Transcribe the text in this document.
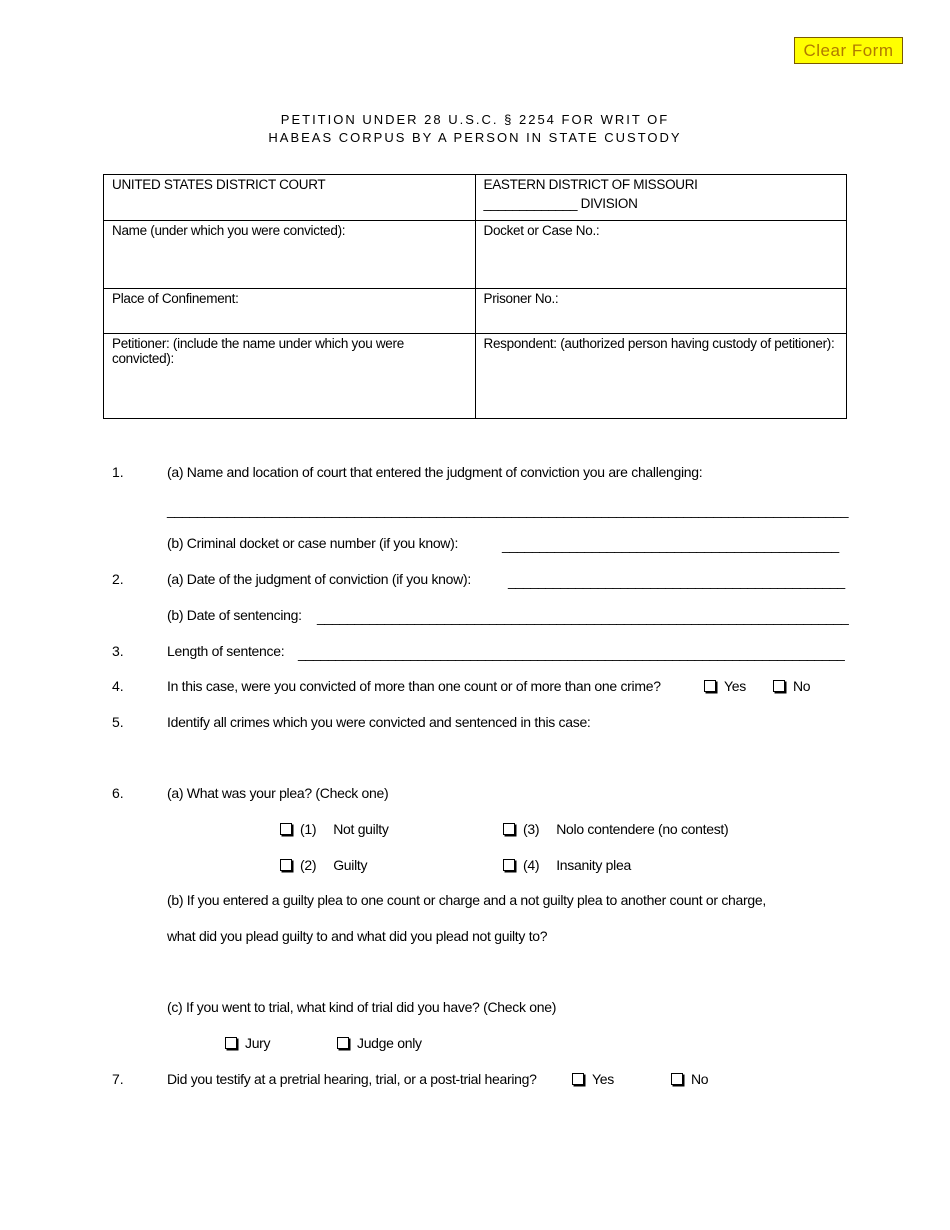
Clear Form
PETITION UNDER 28 U.S.C. § 2254 FOR WRIT OF
HABEAS CORPUS BY A PERSON IN STATE CUSTODY
UNITED STATES DISTRICT COURT	EASTERN DISTRICT OF MISSOURI
_____________ DIVISION

Name (under which you were convicted):	Docket or Case No.:
Place of Confinement:	Prisoner No.:
Petitioner: (include the name under which you were convicted):	Respondent: (authorized person having custody of petitioner):
1.	(a) Name and location of court that entered the judgment of conviction you are challenging:
___________________________________________________________________________________________
(b) Criminal docket or case number (if you know):	_____________________________________________
2.	(a) Date of the judgment of conviction (if you know):	_____________________________________________
(b) Date of sentencing: _______________________________________________________________________
3.	Length of sentence: _________________________________________________________________________
4.	In this case, were you convicted of more than one count or of more than one crime?	Yes	No
5.	Identify all crimes which you were convicted and sentenced in this case:
6.	(a) What was your plea? (Check one)
(1) Not guilty	(3) Nolo contendere (no contest)
(2) Guilty	(4) Insanity plea
(b) If you entered a guilty plea to one count or charge and a not guilty plea to another count or charge,
what did you plead guilty to and what did you plead not guilty to?
(c) If you went to trial, what kind of trial did you have? (Check one)
Jury	Judge only
7.	Did you testify at a pretrial hearing, trial, or a post-trial hearing?	Yes	No
